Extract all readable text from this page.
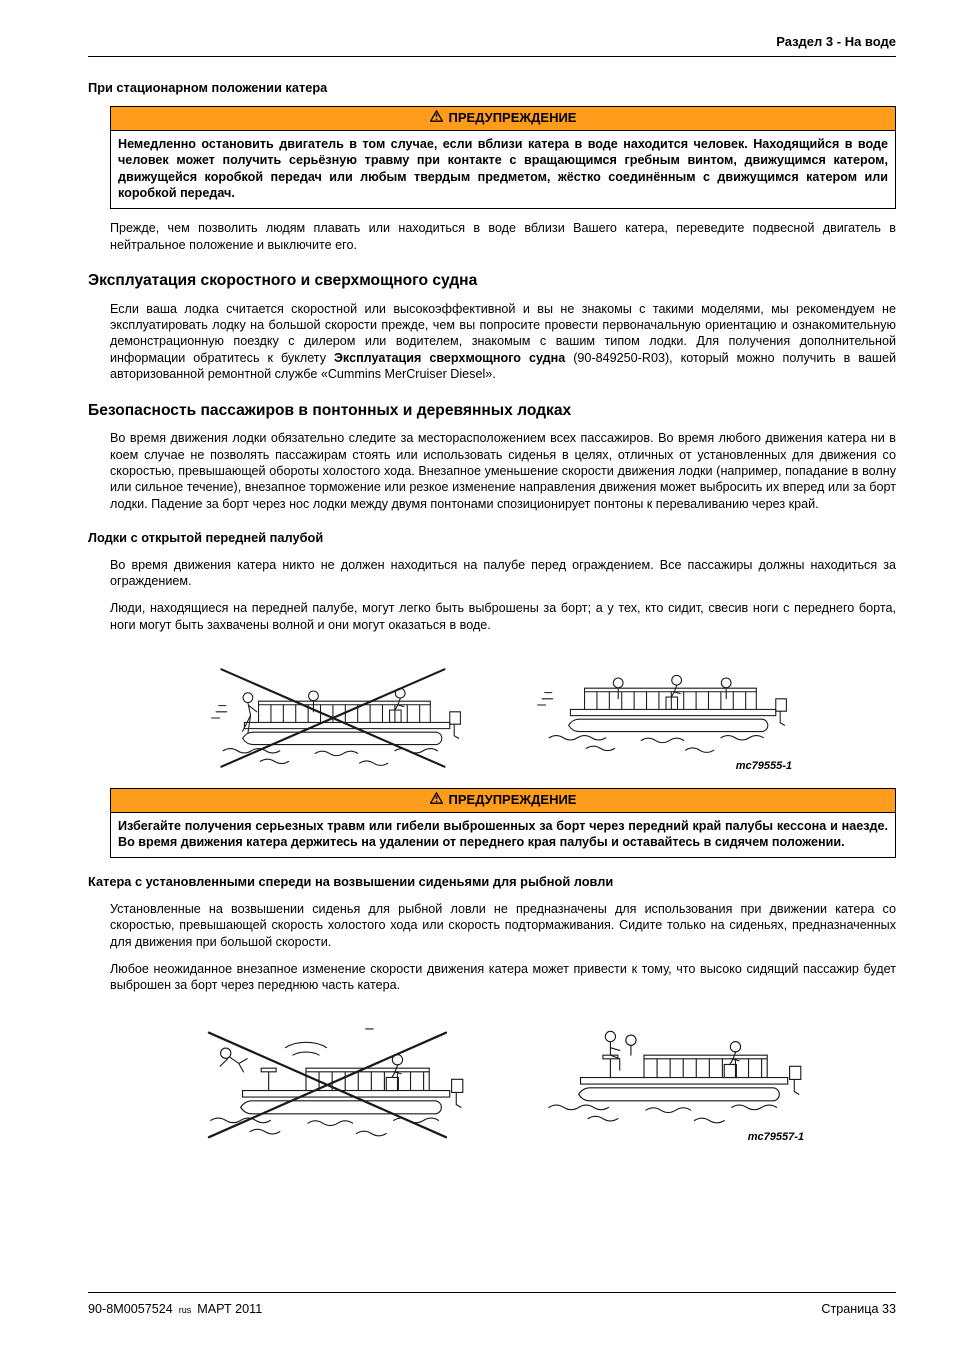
Раздел 3 - На воде
При стационарном положении катера
ПРЕДУПРЕЖДЕНИЕ
Немедленно остановить двигатель в том случае, если вблизи катера в воде находится человек. Находящийся в воде человек может получить серьёзную травму при контакте с вращающимся гребным винтом, движущимся катером, движущейся коробкой передач или любым твердым предметом, жёстко соединённым с движущимся катером или коробкой передач.

Прежде, чем позволить людям плавать или находиться в воде вблизи Вашего катера, переведите подвесной двигатель в нейтральное положение и выключите его.

Эксплуатация скоростного и сверхмощного судна

Если ваша лодка считается скоростной или высокоэффективной и вы не знакомы с такими моделями, мы рекомендуем не эксплуатировать лодку на большой скорости прежде, чем вы попросите провести первоначальную ориентацию и ознакомительную демонстрационную поездку с дилером или водителем, знакомым с вашим типом лодки. Для получения дополнительной информации обратитесь к буклету Эксплуатация сверхмощного судна (90-849250-R03), который можно получить в вашей авторизованной ремонтной службе «Cummins MerCruiser Diesel».

Безопасность пассажиров в понтонных и деревянных лодках

Во время движения лодки обязательно следите за месторасположением всех пассажиров. Во время любого движения катера ни в коем случае не позволять пассажирам стоять или использовать сиденья в целях, отличных от установленных для движения со скоростью, превышающей обороты холостого хода. Внезапное уменьшение скорости движения лодки (например, попадание в волну или сильное течение), внезапное торможение или резкое изменение направления движения может выбросить их вперед или за борт лодки. Падение за борт через нос лодки между двумя понтонами спозиционирует понтоны к переваливанию через край.

Лодки с открытой передней палубой

Во время движения катера никто не должен находиться на палубе перед ограждением. Все пассажиры должны находиться за ограждением.

Люди, находящиеся на передней палубе, могут легко быть выброшены за борт; а у тех, кто сидит, свесив ноги с переднего борта, ноги могут быть захвачены волной и они могут оказаться в воде.

mc79555-1
ПРЕДУПРЕЖДЕНИЕ
Избегайте получения серьезных травм или гибели выброшенных за борт через передний край палубы кессона и наезде. Во время движения катера держитесь на удалении от переднего края палубы и оставайтесь в сидячем положении.
Катера с установленными спереди на возвышении сиденьями для рыбной ловли

Установленные на возвышении сиденья для рыбной ловли не предназначены для использования при движении катера со скоростью, превышающей скорость холостого хода или скорость подтормаживания. Сидите только на сиденьях, предназначенных для движения при большой скорости.

Любое неожиданное внезапное изменение скорости движения катера может привести к тому, что высоко сидящий пассажир будет выброшен за борт через переднюю часть катера.

mc79557-1
90-8M0057524 rus МАРТ 2011	Страница 33
